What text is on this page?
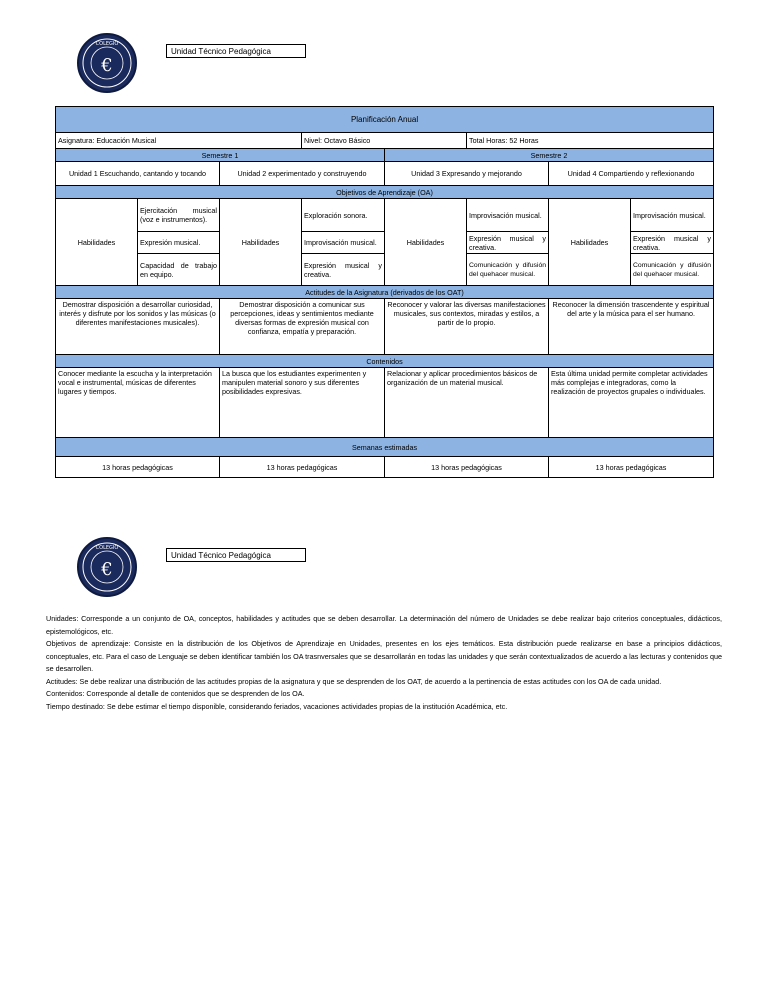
€
COLEGIO
Unidad Técnico Pedagógica
Planificación Anual							
Asignatura: Educación Musical			Nivel: Octavo Básico		Total Horas: 52 Horas		
Semestre 1				Semestre 2			
Unidad 1 Escuchando, cantando y tocando		Unidad 2 experimentado y construyendo		Unidad 3 Expresando y mejorando		Unidad 4 Compartiendo y reflexionando	
Objetivos de Aprendizaje (OA)							
Habilidades	Ejercitación musical (voz e instrumentos).	Habilidades	Exploración sonora.	Habilidades	Improvisación musical.	Habilidades	Improvisación musical.
	Expresión musical.		Improvisación musical.		Expresión musical y creativa.		Expresión musical y creativa.
	Capacidad de trabajo en equipo.		Expresión musical y creativa.		Comunicación y difusión del quehacer musical.		Comunicación y difusión del quehacer musical.
Actitudes de la Asignatura (derivados de los OAT)							
Demostrar disposición a desarrollar curiosidad, interés y disfrute por los sonidos y las músicas (o diferentes manifestaciones musicales).		Demostrar disposición a comunicar sus percepciones, ideas y sentimientos mediante diversas formas de expresión musical con confianza, empatía y preparación.		Reconocer y valorar las diversas manifestaciones musicales, sus contextos, miradas y estilos, a partir de lo propio.		Reconocer la dimensión trascendente y espiritual del arte y la música para el ser humano.	
Contenidos							
Conocer mediante la escucha y la interpretación vocal e instrumental, músicas de diferentes lugares y tiempos.		La busca que los estudiantes experimenten y manipulen material sonoro y sus diferentes posibilidades expresivas.		Relacionar y aplicar procedimientos básicos de organización de un material musical.		Esta última unidad permite completar actividades más complejas e integradoras, como la realización de proyectos grupales o individuales.	
Semanas estimadas							
13 horas pedagógicas		13 horas pedagógicas		13 horas pedagógicas		13 horas pedagógicas	
€
COLEGIO
Unidad Técnico Pedagógica

Unidades: Corresponde a un conjunto de OA, conceptos, habilidades y actitudes que se deben desarrollar. La determinación del número de Unidades se debe realizar bajo criterios conceptuales, didácticos, epistemológicos, etc.

Objetivos de aprendizaje: Consiste en la distribución de los Objetivos de Aprendizaje en Unidades, presentes en los ejes temáticos. Esta distribución puede realizarse en base a principios didácticos, conceptuales, etc. Para el caso de Lenguaje se deben identificar también los OA trasnversales que se desarrollarán en todas las unidades y que serán contextualizados de acuerdo a las lecturas y contenidos que se desarrollen.

Actitudes: Se debe realizar una distribución de las actitudes propias de la asignatura y que se desprenden de los OAT, de acuerdo a la pertinencia de estas actitudes con los OA de cada unidad.

Contenidos: Corresponde al detalle de contenidos que se desprenden de los OA.

Tiempo destinado: Se debe estimar el tiempo disponible, considerando feriados, vacaciones actividades propias de la institución Académica, etc.
